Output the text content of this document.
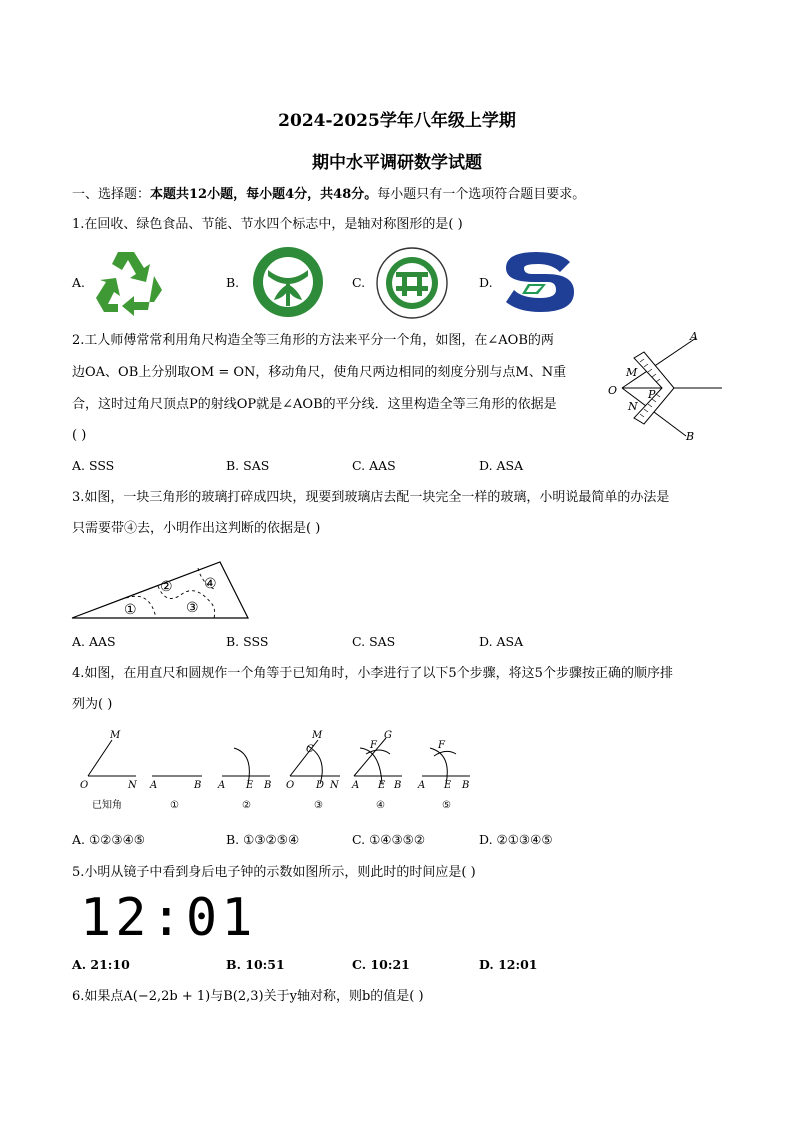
2024-2025学年八年级上学期
期中水平调研数学试题
一、选择题：本题共12小题，每小题4分，共48分。每小题只有一个选项符合题目要求。
1.在回收、绿色食品、节能、节水四个标志中，是轴对称图形的是( )
A.	B.	C.	D.
2.工人师傅常常利用角尺构造全等三角形的方法来平分一个角，如图，在∠AOB的两
边OA、OB上分别取OM = ON，移动角尺，使角尺两边相同的刻度分别与点M、N重
合，这时过角尺顶点P的射线OP就是∠AOB的平分线．这里构造全等三角形的依据是
( )
A
M
O	P
N
B
A. SSS	B. SAS	C. AAS	D. ASA
3.如图，一块三角形的玻璃打碎成四块，现要到玻璃店去配一块完全一样的玻璃，小明说最简单的办法是
只需要带④去，小明作出这判断的依据是( )
①
②
③
④
A. AAS	B. SSS	C. SAS	D. ASA
4.如图，在用直尺和圆规作一个角等于已知角时，小李进行了以下5个步骤，将这5个步骤按正确的顺序排
列为( )
M
O	N A	B A E B
M
C
O D N
F
G
A E B
F
A E B
已知角	①	②	③	④	⑤
A. ①②③④⑤	B. ①③②⑤④	C. ①④③⑤②	D. ②①③④⑤
5.小明从镜子中看到身后电子钟的示数如图所示，则此时的时间应是( )
12:01
A. 21:10	B. 10:51	C. 10:21	D. 12:01
6.如果点A(−2,2b + 1)与B(2,3)关于y轴对称，则b的值是( )
